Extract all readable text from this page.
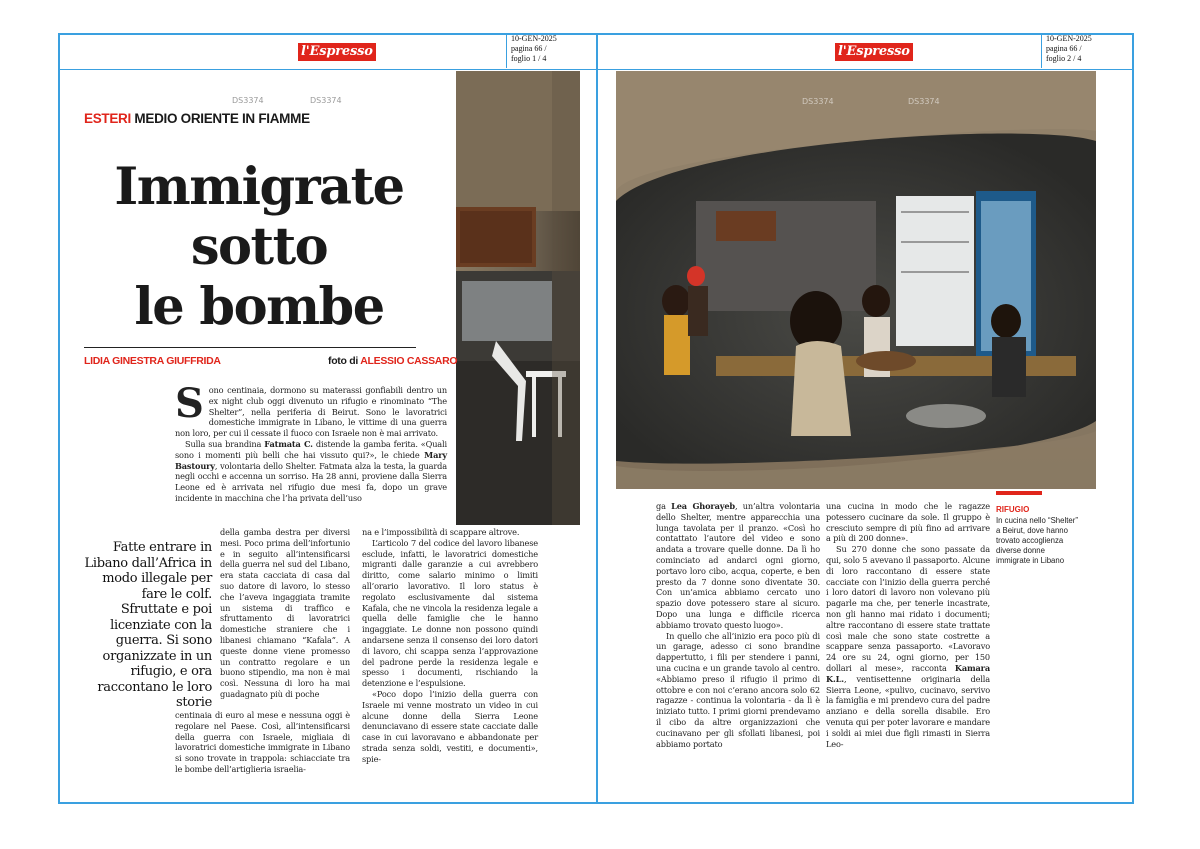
l'Espresso
10-GEN-2025
pagina 66 /
foglio 1 / 4
DS3374	DS3374
ESTERI MEDIO ORIENTE IN FIAMME
Immigrate
sotto
le bombe
LIDIA GINESTRA GIUFFRIDA	foto di ALESSIO CASSARO

Sono centinaia, dormono su materassi gonfiabili dentro un ex night club oggi divenuto un rifugio e rinominato “The Shelter”, nella periferia di Beirut. Sono le lavoratrici domestiche immigrate in Libano, le vittime di una guerra non loro, per cui il cessate il fuoco con Israele non è mai arrivato.

Sulla sua brandina Fatmata C. distende la gamba ferita. «Quali sono i momenti più belli che hai vissuto qui?», le chiede Mary Bastoury, volontaria dello Shelter. Fatmata alza la testa, la guarda negli occhi e accenna un sorriso. Ha 28 anni, proviene dalla Sierra Leone ed è arrivata nel rifugio due mesi fa, dopo un grave incidente in macchina che l’ha privata dell’uso

Fatte entrare in Libano dall’Africa in modo illegale per fare le colf. Sfruttate e poi licenziate con la guerra. Si sono organizzate in un rifugio, e ora raccontano le loro storie

della gamba destra per diversi mesi. Poco prima dell’infortunio e in seguito all’intensificarsi della guerra nel sud del Libano, era stata cacciata di casa dal suo datore di lavoro, lo stesso che l’aveva ingaggiata tramite un sistema di traffico e sfruttamento di lavoratrici domestiche straniere che i libanesi chiamano “Kafala”. A queste donne viene promesso un contratto regolare e un buono stipendio, ma non è mai così. Nessuna di loro ha mai guadagnato più di poche

centinaia di euro al mese e nessuna oggi è regolare nel Paese. Così, all’intensificarsi della guerra con Israele, migliaia di lavoratrici domestiche immigrate in Libano si sono trovate in trappola: schiacciate tra le bombe dell’artiglieria israelia-

na e l’impossibilità di scappare altrove.

L’articolo 7 del codice del lavoro libanese esclude, infatti, le lavoratrici domestiche migranti dalle garanzie a cui avrebbero diritto, come salario minimo o limiti all’orario lavorativo. Il loro status è regolato esclusivamente dal sistema Kafala, che ne vincola la residenza legale a quella delle famiglie che le hanno ingaggiate. Le donne non possono quindi andarsene senza il consenso dei loro datori di lavoro, chi scappa senza l’approvazione del padrone perde la residenza legale e spesso i documenti, rischiando la detenzione e l’espulsione.

«Poco dopo l’inizio della guerra con Israele mi venne mostrato un video in cui alcune donne della Sierra Leone denunciavano di essere state cacciate dalle case in cui lavoravano e abbandonate per strada senza soldi, vestiti, e documenti», spie-

l'Espresso
10-GEN-2025
pagina 66 /
foglio 2 / 4
DS3374	DS3374

ga Lea Ghorayeb, un’altra volontaria dello Shelter, mentre apparecchia una lunga tavolata per il pranzo. «Così ho contattato l’autore del video e sono andata a trovare quelle donne. Da lì ho cominciato ad andarci ogni giorno, portavo loro cibo, acqua, coperte, e ben presto da 7 donne sono diventate 30. Con un’amica abbiamo cercato uno spazio dove potessero stare al sicuro. Dopo una lunga e difficile ricerca abbiamo trovato questo luogo».

In quello che all’inizio era poco più di un garage, adesso ci sono brandine dappertutto, i fili per stendere i panni, una cucina e un grande tavolo al centro. «Abbiamo preso il rifugio il primo di ottobre e con noi c’erano ancora solo 62 ragazze - continua la volontaria - da lì è iniziato tutto. I primi giorni prendevamo il cibo da altre organizzazioni che cucinavano per gli sfollati libanesi, poi abbiamo portato

una cucina in modo che le ragazze potessero cucinare da sole. Il gruppo è cresciuto sempre di più fino ad arrivare a più di 200 donne».

Su 270 donne che sono passate da qui, solo 5 avevano il passaporto. Alcune di loro raccontano di essere state cacciate con l’inizio della guerra perché i loro datori di lavoro non volevano più pagarle ma che, per tenerle incastrate, non gli hanno mai ridato i documenti; altre raccontano di essere state trattate così male che sono state costrette a scappare senza passaporto. «Lavoravo 24 ore su 24, ogni giorno, per 150 dollari al mese», racconta Kamara K.L., ventisettenne originaria della Sierra Leone, «pulivo, cucinavo, servivo la famiglia e mi prendevo cura del padre anziano e della sorella disabile. Ero venuta qui per poter lavorare e mandare i soldi ai miei due figli rimasti in Sierra Leo-

RIFUGIO
In cucina nello “Shelter” a Beirut, dove hanno trovato accoglienza diverse donne immigrate in Libano
